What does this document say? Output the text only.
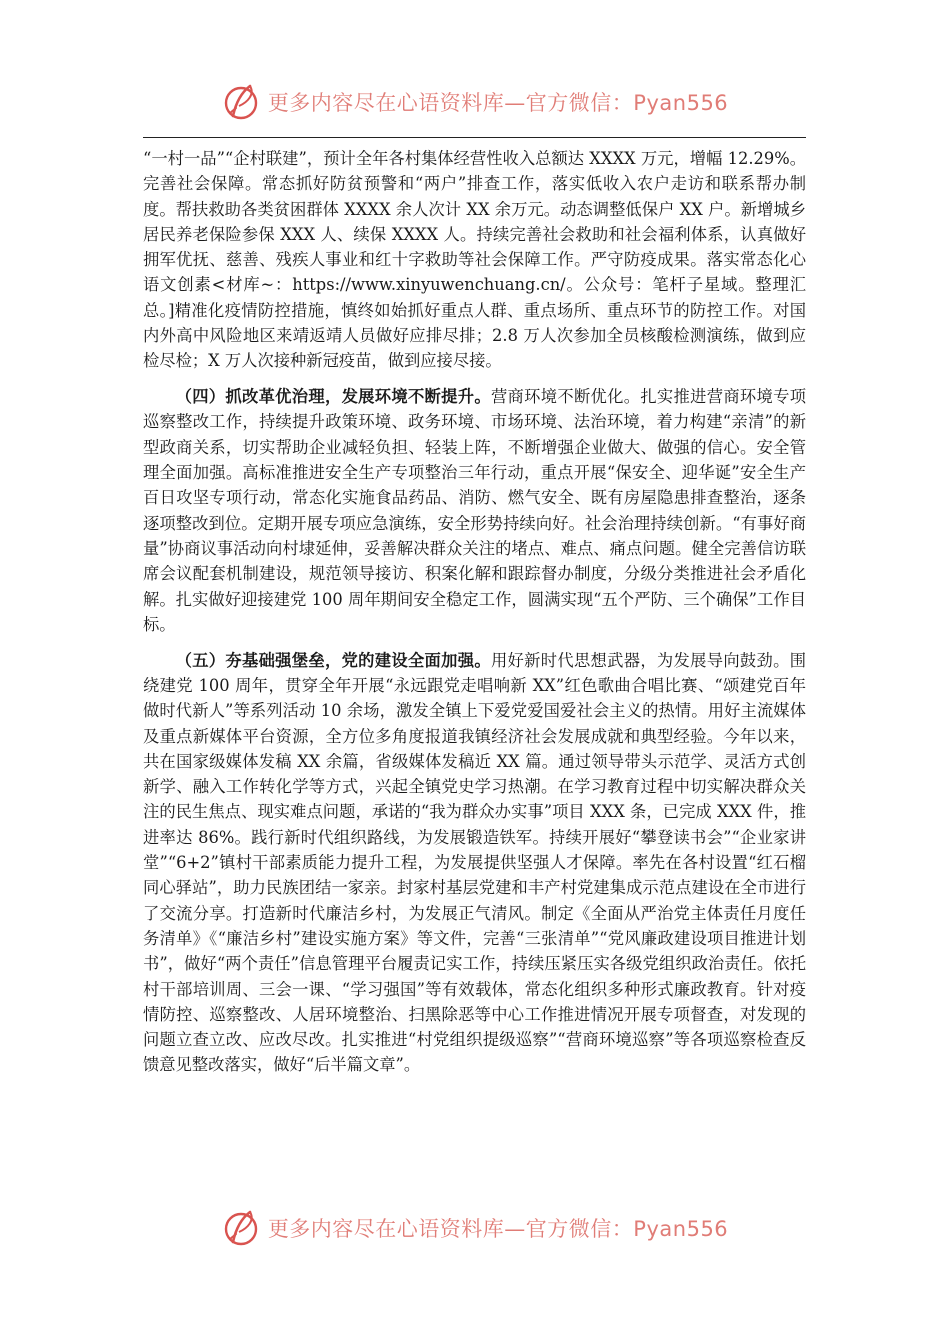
更多内容尽在心语资料库—官方微信：Pyan556

“一村一品”“企村联建”，预计全年各村集体经营性收入总额达 XXXX 万元，增幅 12.29%。完善社会保障。常态抓好防贫预警和“两户”排查工作，落实低收入农户走访和联系帮办制度。帮扶救助各类贫困群体 XXXX 余人次计 XX 余万元。动态调整低保户 XX 户。新增城乡居民养老保险参保 XXX 人、续保 XXXX 人。持续完善社会救助和社会福利体系，认真做好拥军优抚、慈善、残疾人事业和红十字救助等社会保障工作。严守防疫成果。落实常态化心语文创素<材库~：https://www.xinyuwenchuang.cn/。公众号：笔杆子星域。整理汇总。]精准化疫情防控措施，慎终如始抓好重点人群、重点场所、重点环节的防控工作。对国内外高中风险地区来靖返靖人员做好应排尽排；2.8 万人次参加全员核酸检测演练，做到应检尽检；X 万人次接种新冠疫苗，做到应接尽接。

（四）抓改革优治理，发展环境不断提升。营商环境不断优化。扎实推进营商环境专项巡察整改工作，持续提升政策环境、政务环境、市场环境、法治环境，着力构建“亲清”的新型政商关系，切实帮助企业减轻负担、轻装上阵，不断增强企业做大、做强的信心。安全管理全面加强。高标准推进安全生产专项整治三年行动，重点开展“保安全、迎华诞”安全生产百日攻坚专项行动，常态化实施食品药品、消防、燃气安全、既有房屋隐患排查整治，逐条逐项整改到位。定期开展专项应急演练，安全形势持续向好。社会治理持续创新。“有事好商量”协商议事活动向村埭延伸，妥善解决群众关注的堵点、难点、痛点问题。健全完善信访联席会议配套机制建设，规范领导接访、积案化解和跟踪督办制度，分级分类推进社会矛盾化解。扎实做好迎接建党 100 周年期间安全稳定工作，圆满实现“五个严防、三个确保”工作目标。

（五）夯基础强堡垒，党的建设全面加强。用好新时代思想武器，为发展导向鼓劲。围绕建党 100 周年，贯穿全年开展“永远跟党走唱响新 XX”红色歌曲合唱比赛、“颂建党百年做时代新人”等系列活动 10 余场，激发全镇上下爱党爱国爱社会主义的热情。用好主流媒体及重点新媒体平台资源，全方位多角度报道我镇经济社会发展成就和典型经验。今年以来，共在国家级媒体发稿 XX 余篇，省级媒体发稿近 XX 篇。通过领导带头示范学、灵活方式创新学、融入工作转化学等方式，兴起全镇党史学习热潮。在学习教育过程中切实解决群众关注的民生焦点、现实难点问题，承诺的“我为群众办实事”项目 XXX 条，已完成 XXX 件，推进率达 86%。践行新时代组织路线，为发展锻造铁军。持续开展好“攀登读书会”“企业家讲堂”“6+2”镇村干部素质能力提升工程，为发展提供坚强人才保障。率先在各村设置“红石榴同心驿站”，助力民族团结一家亲。封家村基层党建和丰产村党建集成示范点建设在全市进行了交流分享。打造新时代廉洁乡村，为发展正气清风。制定《全面从严治党主体责任月度任务清单》《“廉洁乡村”建设实施方案》等文件，完善“三张清单”“党风廉政建设项目推进计划书”，做好“两个责任”信息管理平台履责记实工作，持续压紧压实各级党组织政治责任。依托村干部培训周、三会一课、“学习强国”等有效载体，常态化组织多种形式廉政教育。针对疫情防控、巡察整改、人居环境整治、扫黑除恶等中心工作推进情况开展专项督查，对发现的问题立查立改、应改尽改。扎实推进“村党组织提级巡察”“营商环境巡察”等各项巡察检查反馈意见整改落实，做好“后半篇文章”。

更多内容尽在心语资料库—官方微信：Pyan556
